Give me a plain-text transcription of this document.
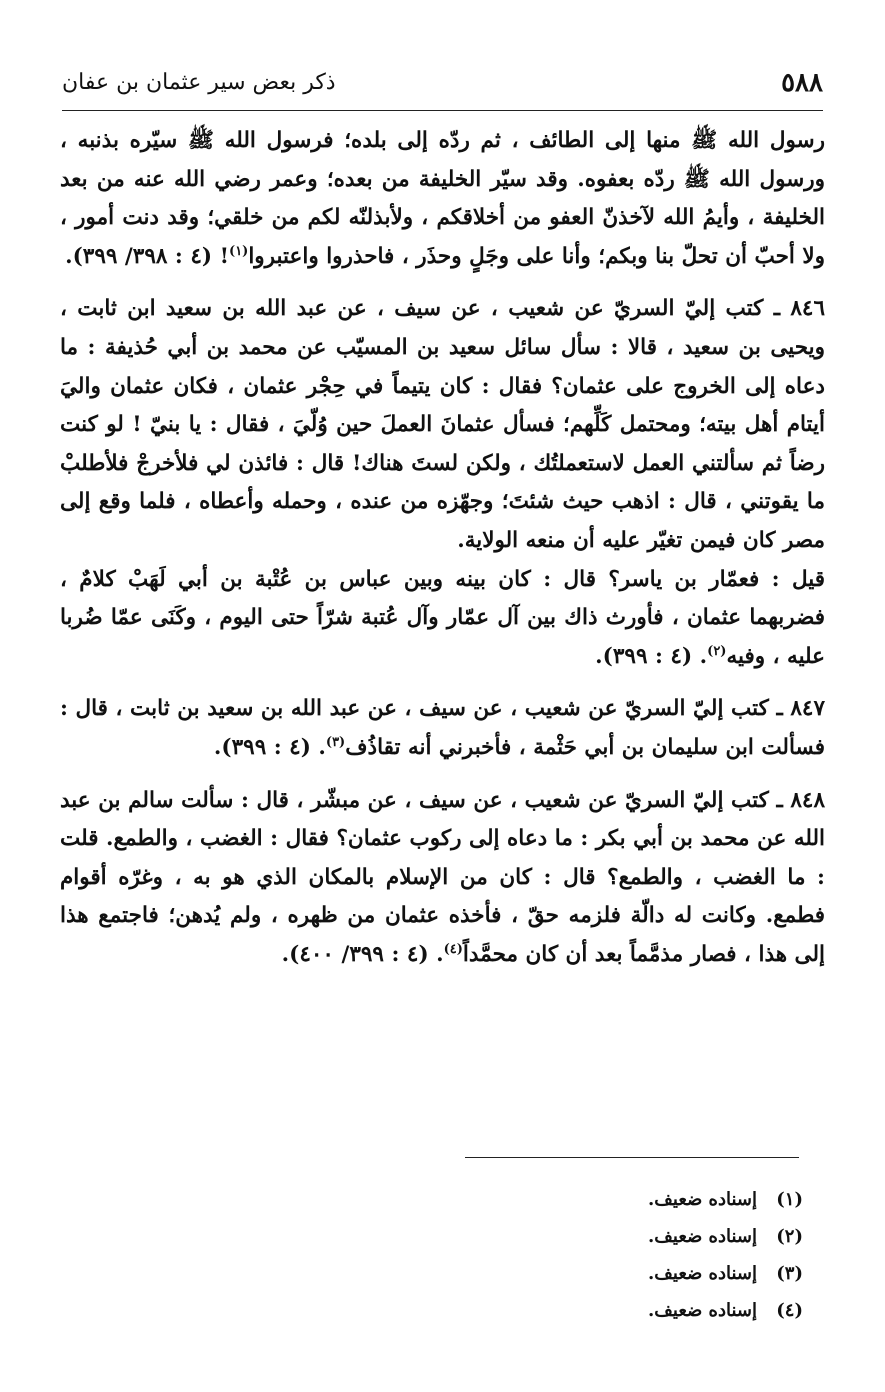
٥٨٨
ذكر بعض سير عثمان بن عفان

رسول الله ﷺ منها إلى الطائف ، ثم ردّه إلى بلده؛ فرسول الله ﷺ سيّره بذنبه ، ورسول الله ﷺ ردّه بعفوه. وقد سيّر الخليفة من بعده؛ وعمر رضي الله عنه من بعد الخليفة ، وأيمُ الله لآخذنّ العفو من أخلاقكم ، ولأبذلنّه لكم من خلقي؛ وقد دنت أمور ، ولا أحبّ أن تحلّ بنا وبكم؛ وأنا على وجَلٍ وحذَر ، فاحذروا واعتبروا$^{(١)}$! (٤ : ٣٩٨/ ٣٩٩).

٨٤٦ ـ كتب إليّ السريّ عن شعيب ، عن سيف ، عن عبد الله بن سعيد ابن ثابت ، ويحيى بن سعيد ، قالا : سأل سائل سعيد بن المسيّب عن محمد بن أبي حُذيفة : ما دعاه إلى الخروج على عثمان؟ فقال : كان يتيماً في حِجْر عثمان ، فكان عثمان واليَ أيتام أهل بيته؛ ومحتمل كَلِّهم؛ فسأل عثمانَ العملَ حين وُلّيَ ، فقال : يا بنيّ ! لو كنت رضاً ثم سألتني العمل لاستعملتُك ، ولكن لستَ هناك! قال : فائذن لي فلأخرجْ فلأطلبْ ما يقوتني ، قال : اذهب حيث شئتَ؛ وجهّزه من عنده ، وحمله وأعطاه ، فلما وقع إلى مصر كان فيمن تغيّر عليه أن منعه الولاية.

قيل : فعمّار بن ياسر؟ قال : كان بينه وبين عباس بن عُتْبة بن أبي لَهَبْ كلامٌ ، فضربهما عثمان ، فأورث ذاك بين آل عمّار وآل عُتبة شرّاً حتى اليوم ، وكَنَى عمّا ضُربا عليه ، وفيه$^{(٢)}$. (٤ : ٣٩٩).

٨٤٧ ـ كتب إليّ السريّ عن شعيب ، عن سيف ، عن عبد الله بن سعيد بن ثابت ، قال : فسألت ابن سليمان بن أبي حَثْمة ، فأخبرني أنه تقاذُف$^{(٣)}$. (٤ : ٣٩٩).

٨٤٨ ـ كتب إليّ السريّ عن شعيب ، عن سيف ، عن مبشّر ، قال : سألت سالم بن عبد الله عن محمد بن أبي بكر : ما دعاه إلى ركوب عثمان؟ فقال : الغضب ، والطمع. قلت : ما الغضب ، والطمع؟ قال : كان من الإسلام بالمكان الذي هو به ، وغرّه أقوام فطمع. وكانت له دالّة فلزمه حقّ ، فأخذه عثمان من ظهره ، ولم يُدهن؛ فاجتمع هذا إلى هذا ، فصار مذمَّماً بعد أن كان محمَّداً$^{(٤)}$. (٤ : ٣٩٩/ ٤٠٠).

(١)إسناده ضعيف.
(٢)إسناده ضعيف.
(٣)إسناده ضعيف.
(٤)إسناده ضعيف.
